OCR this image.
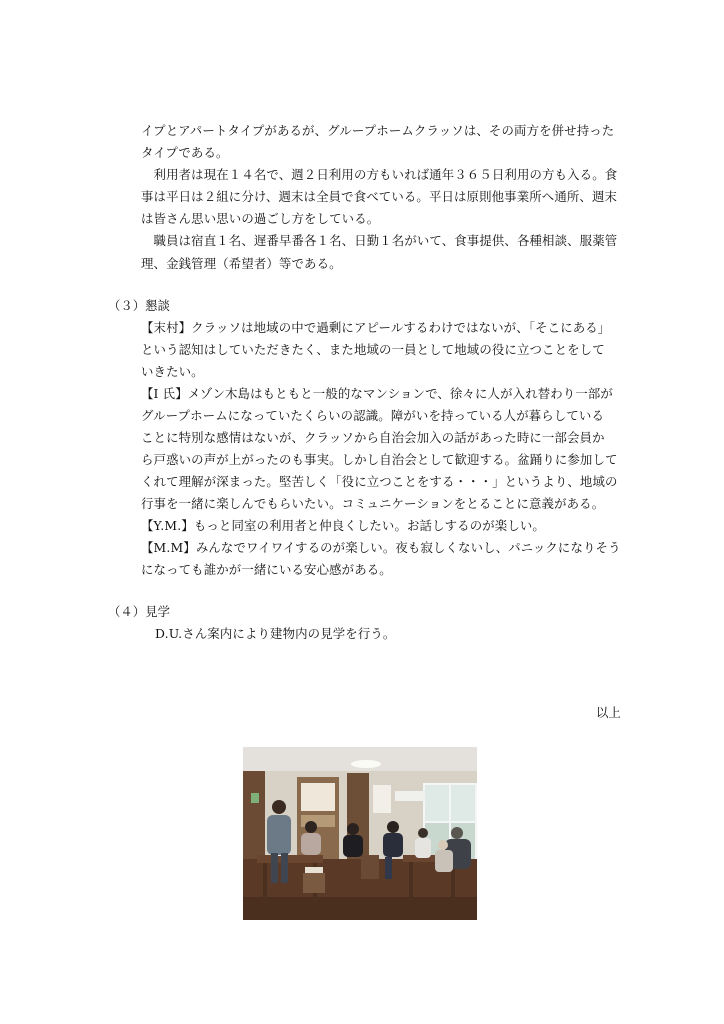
イプとアパートタイプがあるが、グループホームクラッソは、その両方を併せ持った
タイプである。
　利用者は現在１４名で、週２日利用の方もいれば通年３６５日利用の方も入る。食
事は平日は２組に分け、週末は全員で食べている。平日は原則他事業所へ通所、週末
は皆さん思い思いの過ごし方をしている。
　職員は宿直１名、遅番早番各１名、日勤１名がいて、食事提供、各種相談、服薬管
理、金銭管理（希望者）等である。
（３）懇談
【末村】クラッソは地域の中で過剰にアピールするわけではないが、「そこにある」
という認知はしていただきたく、また地域の一員として地域の役に立つことをして
いきたい。
【I 氏】メゾン木島はもともと一般的なマンションで、徐々に人が入れ替わり一部が
グループホームになっていたくらいの認識。障がいを持っている人が暮らしている
ことに特別な感情はないが、クラッソから自治会加入の話があった時に一部会員か
ら戸惑いの声が上がったのも事実。しかし自治会として歓迎する。盆踊りに参加して
くれて理解が深まった。堅苦しく「役に立つことをする・・・」というより、地域の
行事を一緒に楽しんでもらいたい。コミュニケーションをとることに意義がある。
【Y.M.】もっと同室の利用者と仲良くしたい。お話しするのが楽しい。
【M.M】みんなでワイワイするのが楽しい。夜も寂しくないし、パニックになりそう
になっても誰かが一緒にいる安心感がある。
（４）見学
D.U.さん案内により建物内の見学を行う。
以上
